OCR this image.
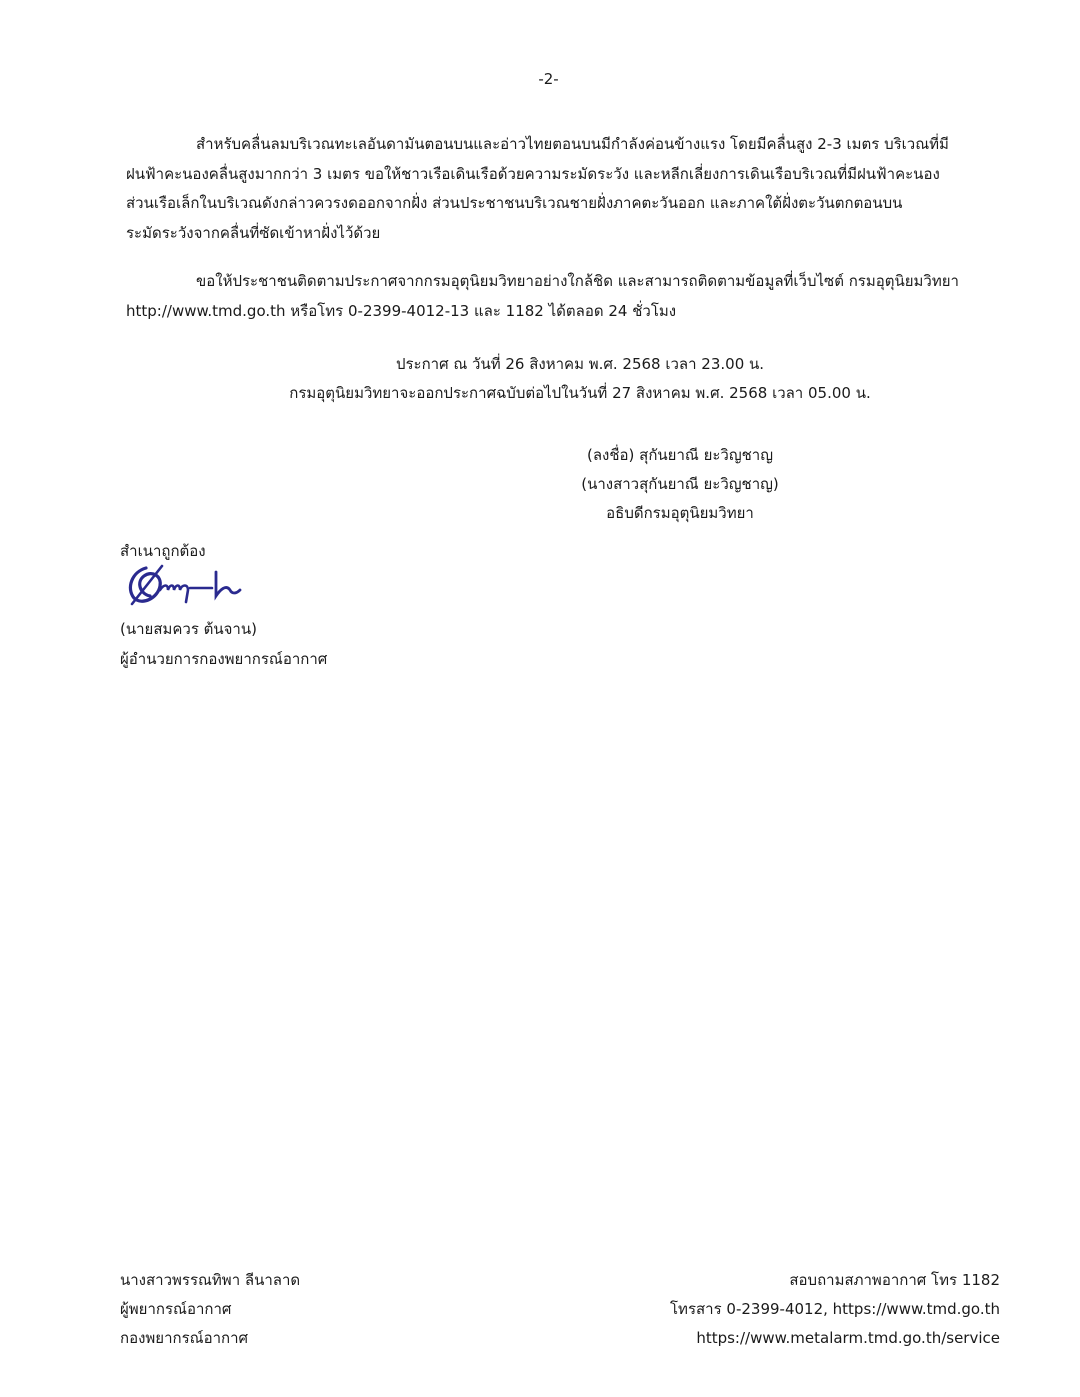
-2-
สำหรับคลื่นลมบริเวณทะเลอันดามันตอนบนและอ่าวไทยตอนบนมีกำลังค่อนข้างแรง โดยมีคลื่นสูง 2-3 เมตร บริเวณที่มี
ฝนฟ้าคะนองคลื่นสูงมากกว่า 3 เมตร ขอให้ชาวเรือเดินเรือด้วยความระมัดระวัง และหลีกเลี่ยงการเดินเรือบริเวณที่มีฝนฟ้าคะนอง
ส่วนเรือเล็กในบริเวณดังกล่าวควรงดออกจากฝั่ง ส่วนประชาชนบริเวณชายฝั่งภาคตะวันออก และภาคใต้ฝั่งตะวันตกตอนบน
ระมัดระวังจากคลื่นที่ซัดเข้าหาฝั่งไว้ด้วย
ขอให้ประชาชนติดตามประกาศจากกรมอุตุนิยมวิทยาอย่างใกล้ชิด และสามารถติดตามข้อมูลที่เว็บไซต์ กรมอุตุนิยมวิทยา
http://www.tmd.go.th หรือโทร 0-2399-4012-13 และ 1182 ได้ตลอด 24 ชั่วโมง
ประกาศ ณ วันที่ 26 สิงหาคม พ.ศ. 2568 เวลา 23.00 น.
กรมอุตุนิยมวิทยาจะออกประกาศฉบับต่อไปในวันที่ 27 สิงหาคม พ.ศ. 2568 เวลา 05.00 น.
(ลงชื่อ) สุกันยาณี ยะวิญชาญ
(นางสาวสุกันยาณี ยะวิญชาญ)
อธิบดีกรมอุตุนิยมวิทยา
สำเนาถูกต้อง
(นายสมควร ต้นจาน)
ผู้อำนวยการกองพยากรณ์อากาศ
นางสาวพรรณทิพา ลีนาลาด
ผู้พยากรณ์อากาศ
กองพยากรณ์อากาศ
สอบถามสภาพอากาศ โทร 1182
โทรสาร 0-2399-4012, https://www.tmd.go.th
https://www.metalarm.tmd.go.th/service
